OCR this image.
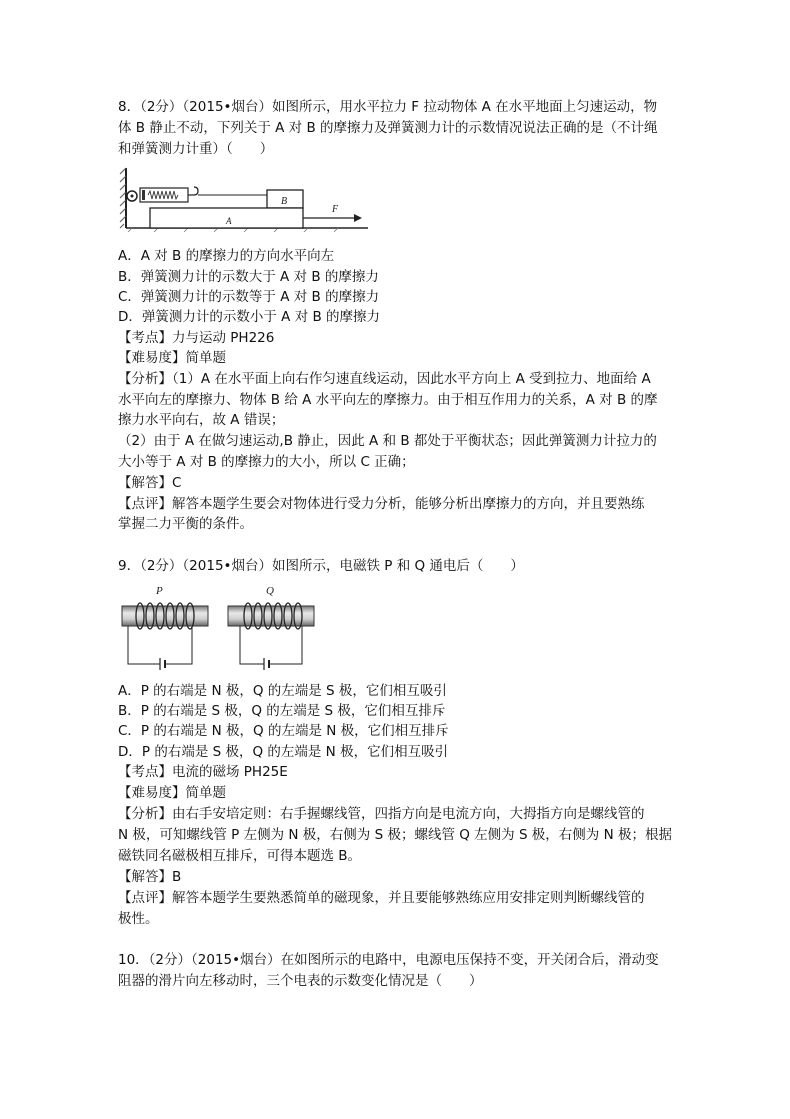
8．（2分）（2015•烟台）如图所示，用水平拉力 F 拉动物体 A 在水平地面上匀速运动，物
体 B 静止不动，下列关于 A 对 B 的摩擦力及弹簧测力计的示数情况说法正确的是（不计绳
和弹簧测力计重）（　　）
B
A
F
A．A 对 B 的摩擦力的方向水平向左
B．弹簧测力计的示数大于 A 对 B 的摩擦力
C．弹簧测力计的示数等于 A 对 B 的摩擦力
D．弹簧测力计的示数小于 A 对 B 的摩擦力
【考点】力与运动 PH226
【难易度】简单题
【分析】（1）A 在水平面上向右作匀速直线运动，因此水平方向上 A 受到拉力、地面给 A
水平向左的摩擦力、物体 B 给 A 水平向左的摩擦力。由于相互作用力的关系，A 对 B 的摩
擦力水平向右，故 A 错误；
（2）由于 A 在做匀速运动,B 静止，因此 A 和 B 都处于平衡状态；因此弹簧测力计拉力的
大小等于 A 对 B 的摩擦力的大小，所以 C 正确；
【解答】C
【点评】解答本题学生要会对物体进行受力分析，能够分析出摩擦力的方向，并且要熟练
掌握二力平衡的条件。
9．（2分）（2015•烟台）如图所示，电磁铁 P 和 Q 通电后（　　）
P	Q
A．P 的右端是 N 极，Q 的左端是 S 极，它们相互吸引
B．P 的右端是 S 极，Q 的左端是 S 极，它们相互排斥
C．P 的右端是 N 极，Q 的左端是 N 极，它们相互排斥
D．P 的右端是 S 极，Q 的左端是 N 极，它们相互吸引
【考点】电流的磁场 PH25E
【难易度】简单题
【分析】由右手安培定则：右手握螺线管，四指方向是电流方向，大拇指方向是螺线管的
N 极，可知螺线管 P 左侧为 N 极，右侧为 S 极；螺线管 Q 左侧为 S 极，右侧为 N 极；根据
磁铁同名磁极相互排斥，可得本题选 B。
【解答】B
【点评】解答本题学生要熟悉简单的磁现象，并且要能够熟练应用安排定则判断螺线管的
极性。
10．（2分）（2015•烟台）在如图所示的电路中，电源电压保持不变，开关闭合后，滑动变
阻器的滑片向左移动时，三个电表的示数变化情况是（　　）
